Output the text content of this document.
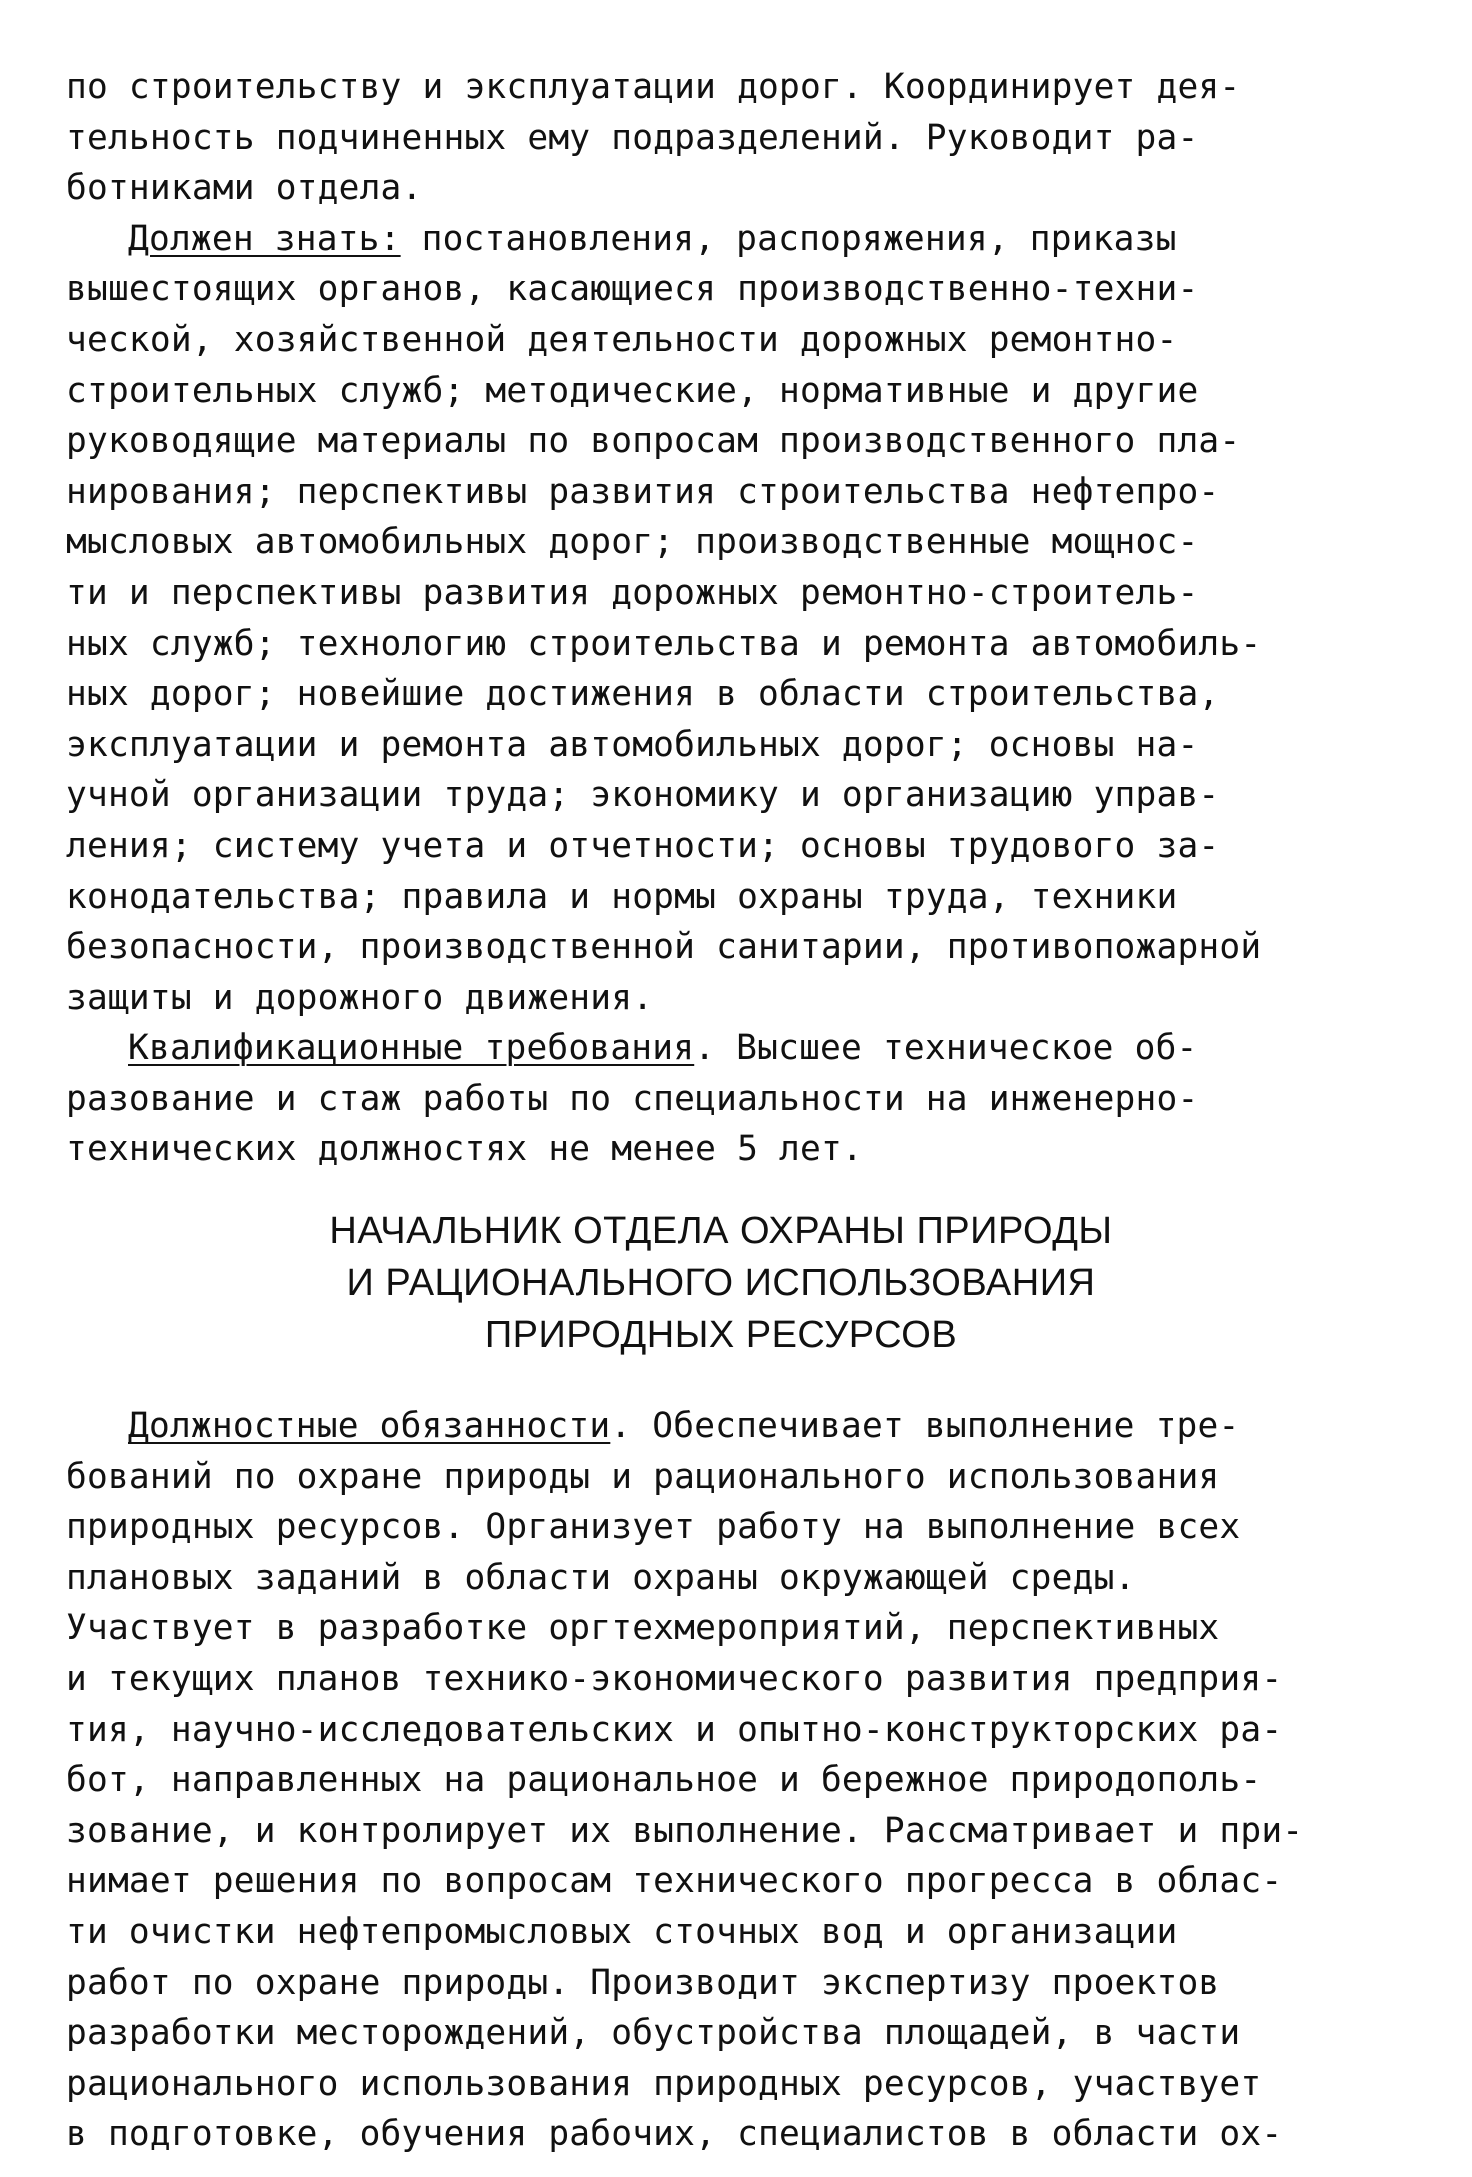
по строительству и эксплуатации дорог. Координирует дея-
тельность подчиненных ему подразделений. Руководит ра-
ботниками отдела.
Должен знать: постановления, распоряжения, приказы
вышестоящих органов, касающиеся производственно-техни-
ческой, хозяйственной деятельности дорожных ремонтно-
строительных служб; методические, нормативные и другие
руководящие материалы по вопросам производственного пла-
нирования; перспективы развития строительства нефтепро-
мысловых автомобильных дорог; производственные мощнос-
ти и перспективы развития дорожных ремонтно-строитель-
ных служб; технологию строительства и ремонта автомобиль-
ных дорог; новейшие достижения в области строительства,
эксплуатации и ремонта автомобильных дорог; основы на-
учной организации труда; экономику и организацию управ-
ления; систему учета и отчетности; основы трудового за-
конодательства; правила и нормы охраны труда, техники
безопасности, производственной санитарии, противопожарной
защиты и дорожного движения.
Квалификационные требования. Высшее техническое об-
разование и стаж работы по специальности на инженерно-
технических должностях не менее 5 лет.
НАЧАЛЬНИК ОТДЕЛА ОХРАНЫ ПРИРОДЫ
И РАЦИОНАЛЬНОГО ИСПОЛЬЗОВАНИЯ
ПРИРОДНЫХ РЕСУРСОВ
Должностные обязанности. Обеспечивает выполнение тре-
бований по охране природы и рационального использования
природных ресурсов. Организует работу на выполнение всех
плановых заданий в области охраны окружающей среды.
Участвует в разработке оргтехмероприятий, перспективных
и текущих планов технико-экономического развития предприя-
тия, научно-исследовательских и опытно-конструкторских ра-
бот, направленных на рациональное и бережное природополь-
зование, и контролирует их выполнение. Рассматривает и при-
нимает решения по вопросам технического прогресса в облас-
ти очистки нефтепромысловых сточных вод и организации
работ по охране природы. Производит экспертизу проектов
разработки месторождений, обустройства площадей, в части
рационального использования природных ресурсов, участвует
в подготовке, обучения рабочих, специалистов в области ох-
